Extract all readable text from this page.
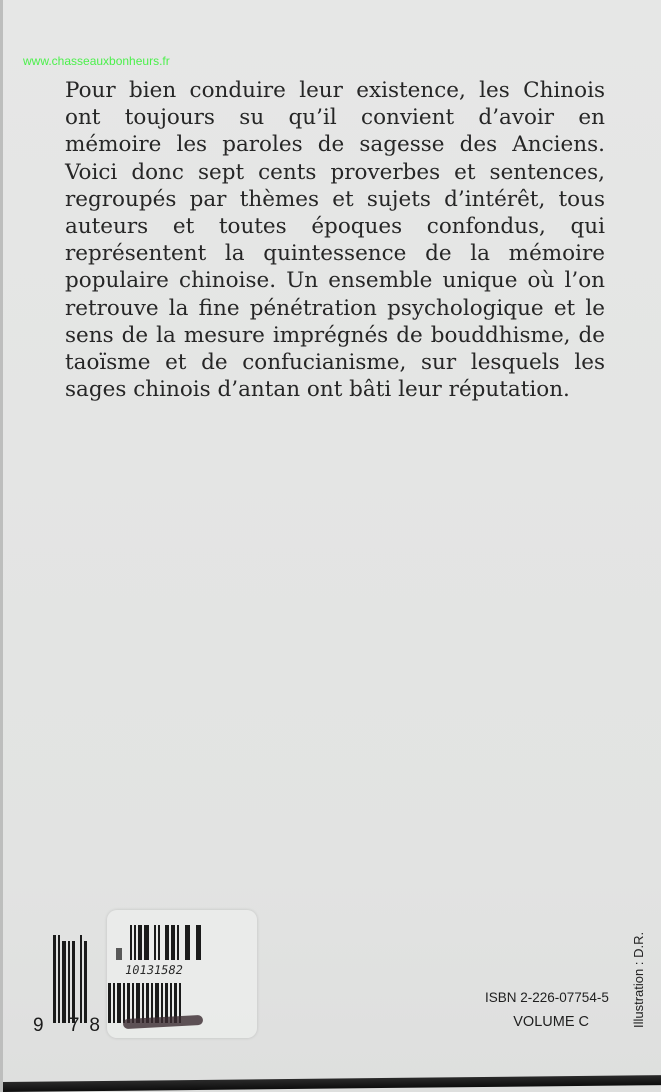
www.chasseauxbonheurs.fr
Pour bien conduire leur existence, les Chinois
ont toujours su qu’il convient d’avoir en
mémoire les paroles de sagesse des Anciens.
Voici donc sept cents proverbes et sentences,
regroupés par thèmes et sujets d’intérêt, tous
auteurs et toutes époques confondus, qui
représentent la quintessence de la mémoire
populaire chinoise. Un ensemble unique où l’on
retrouve la fine pénétration psychologique et le
sens de la mesure imprégnés de bouddhisme, de
taoïsme et de confucianisme, sur lesquels les
sages chinois d’antan ont bâti leur réputation.
10131582
9 78
ISBN 2-226-07754-5
VOLUME C	Illustration : D.R.
